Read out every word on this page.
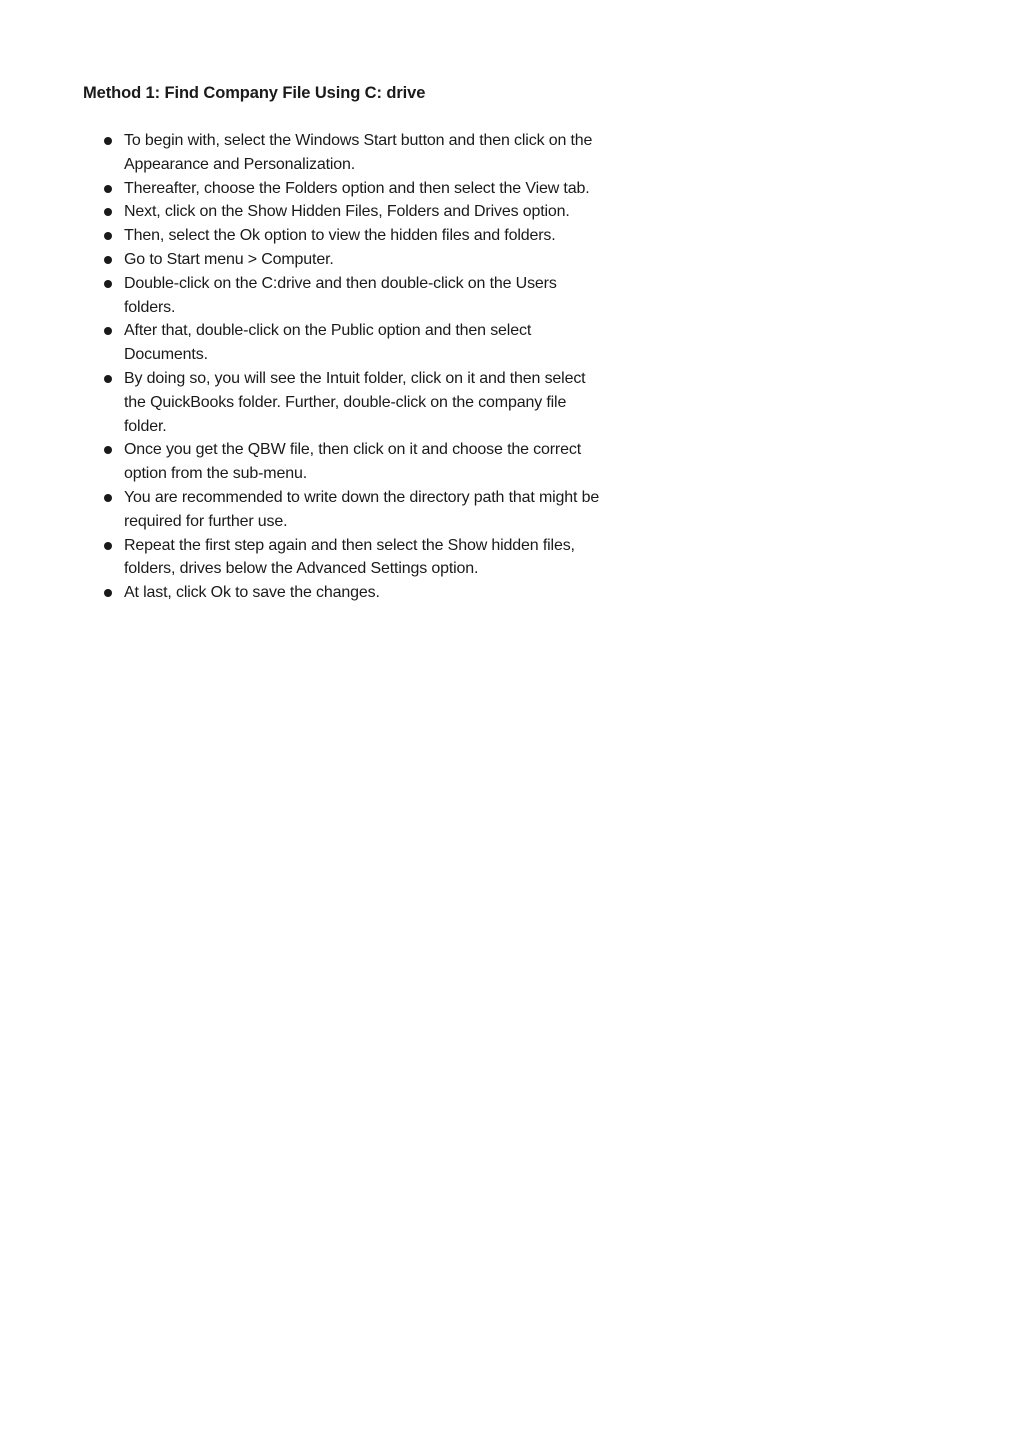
Method 1: Find Company File Using C: drive
To begin with, select the Windows Start button and then click on the Appearance and Personalization.
Thereafter, choose the Folders option and then select the View tab.
Next, click on the Show Hidden Files, Folders and Drives option.
Then, select the Ok option to view the hidden files and folders.
Go to Start menu > Computer.
Double-click on the C:drive and then double-click on the Users folders.
After that, double-click on the Public option and then select Documents.
By doing so, you will see the Intuit folder, click on it and then select the QuickBooks folder. Further, double-click on the company file folder.
Once you get the QBW file, then click on it and choose the correct option from the sub-menu.
You are recommended to write down the directory path that might be required for further use.
Repeat the first step again and then select the Show hidden files, folders, drives below the Advanced Settings option.
At last, click Ok to save the changes.
